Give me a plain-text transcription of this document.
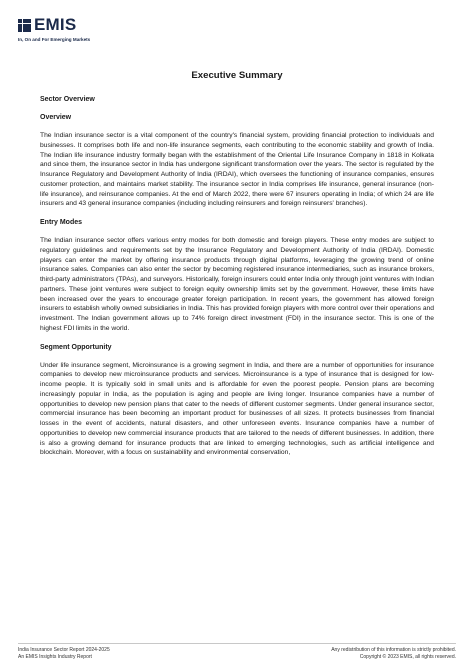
EMIS
In, On and For Emerging Markets
Executive Summary
Sector Overview
Overview
The Indian insurance sector is a vital component of the country's financial system, providing financial protection to individuals and businesses. It comprises both life and non-life insurance segments, each contributing to the economic stability and growth of India. The Indian life insurance industry formally began with the establishment of the Oriental Life Insurance Company in 1818 in Kolkata and since them, the insurance sector in India has undergone significant transformation over the years. The sector is regulated by the Insurance Regulatory and Development Authority of India (IRDAI), which oversees the functioning of insurance companies, ensures customer protection, and maintains market stability. The insurance sector in India comprises life insurance, general insurance (non-life insurance), and reinsurance companies. At the end of March 2022, there were 67 insurers operating in India; of which 24 are life insurers and 43 general insurance companies (including including reinsurers and foreign reinsurers' branches).
Entry Modes
The Indian insurance sector offers various entry modes for both domestic and foreign players. These entry modes are subject to regulatory guidelines and requirements set by the Insurance Regulatory and Development Authority of India (IRDAI). Domestic players can enter the market by offering insurance products through digital platforms, leveraging the growing trend of online insurance sales. Companies can also enter the sector by becoming registered insurance intermediaries, such as insurance brokers, third-party administrators (TPAs), and surveyors. Historically, foreign insurers could enter India only through joint ventures with Indian partners. These joint ventures were subject to foreign equity ownership limits set by the government. However, these limits have been increased over the years to encourage greater foreign participation. In recent years, the government has allowed foreign insurers to establish wholly owned subsidiaries in India. This has provided foreign players with more control over their operations and investment. The Indian government allows up to 74% foreign direct investment (FDI) in the insurance sector. This is one of the highest FDI limits in the world.
Segment Opportunity
Under life insurance segment, Microinsurance is a growing segment in India, and there are a number of opportunities for insurance companies to develop new microinsurance products and services. Microinsurance is a type of insurance that is designed for low-income people. It is typically sold in small units and is affordable for even the poorest people. Pension plans are becoming increasingly popular in India, as the population is aging and people are living longer. Insurance companies have a number of opportunities to develop new pension plans that cater to the needs of different customer segments. Under general insurance sector, commercial insurance has been becoming an important product for businesses of all sizes. It protects businesses from financial losses in the event of accidents, natural disasters, and other unforeseen events. Insurance companies have a number of opportunities to develop new commercial insurance products that are tailored to the needs of different businesses. In addition, there is also a growing demand for insurance products that are linked to emerging technologies, such as artificial intelligence and blockchain. Moreover, with a focus on sustainability and environmental conservation,
India Insurance Sector Report 2024-2025
An EMIS Insights Industry Report
Any redistribution of this information is strictly prohibited.
Copyright © 2023 EMIS, all rights reserved.
